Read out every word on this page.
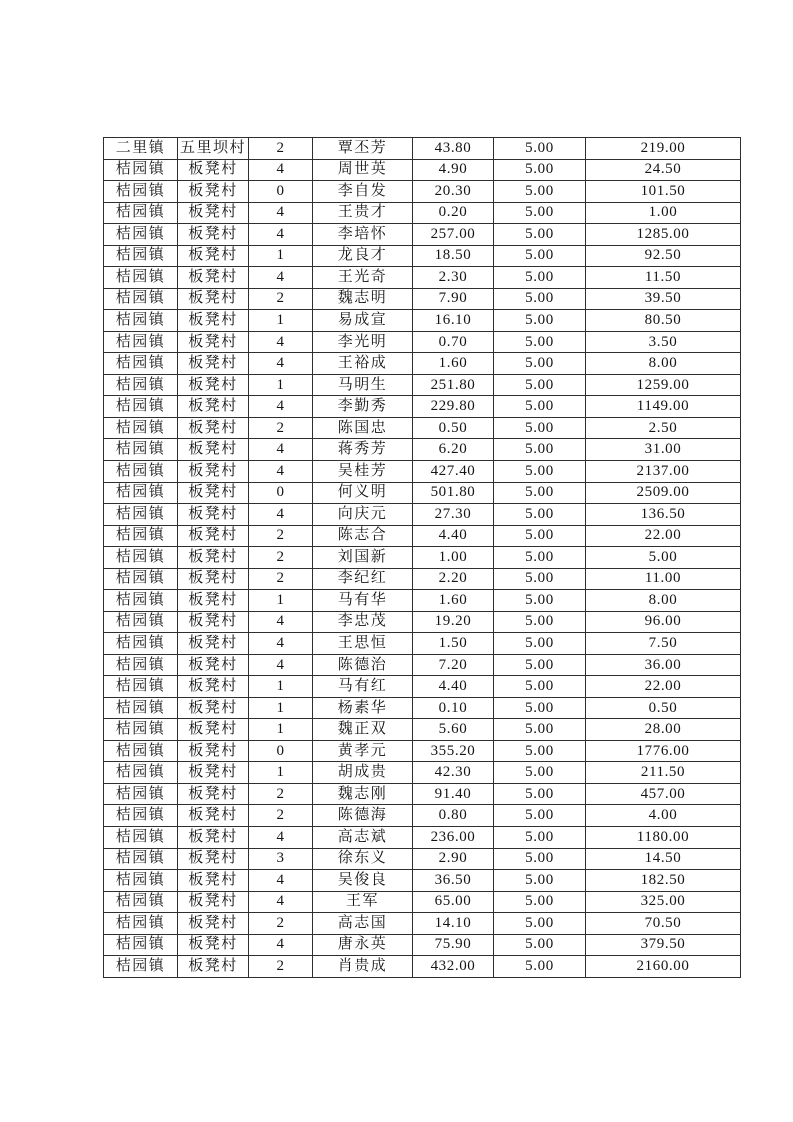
二里镇	五里坝村	2	覃丕芳	43.80	5.00	219.00
桔园镇	板凳村	4	周世英	4.90	5.00	24.50
桔园镇	板凳村	0	李自发	20.30	5.00	101.50
桔园镇	板凳村	4	王贵才	0.20	5.00	1.00
桔园镇	板凳村	4	李培怀	257.00	5.00	1285.00
桔园镇	板凳村	1	龙良才	18.50	5.00	92.50
桔园镇	板凳村	4	王光奇	2.30	5.00	11.50
桔园镇	板凳村	2	魏志明	7.90	5.00	39.50
桔园镇	板凳村	1	易成宣	16.10	5.00	80.50
桔园镇	板凳村	4	李光明	0.70	5.00	3.50
桔园镇	板凳村	4	王裕成	1.60	5.00	8.00
桔园镇	板凳村	1	马明生	251.80	5.00	1259.00
桔园镇	板凳村	4	李勤秀	229.80	5.00	1149.00
桔园镇	板凳村	2	陈国忠	0.50	5.00	2.50
桔园镇	板凳村	4	蒋秀芳	6.20	5.00	31.00
桔园镇	板凳村	4	吴桂芳	427.40	5.00	2137.00
桔园镇	板凳村	0	何义明	501.80	5.00	2509.00
桔园镇	板凳村	4	向庆元	27.30	5.00	136.50
桔园镇	板凳村	2	陈志合	4.40	5.00	22.00
桔园镇	板凳村	2	刘国新	1.00	5.00	5.00
桔园镇	板凳村	2	李纪红	2.20	5.00	11.00
桔园镇	板凳村	1	马有华	1.60	5.00	8.00
桔园镇	板凳村	4	李忠茂	19.20	5.00	96.00
桔园镇	板凳村	4	王思恒	1.50	5.00	7.50
桔园镇	板凳村	4	陈德治	7.20	5.00	36.00
桔园镇	板凳村	1	马有红	4.40	5.00	22.00
桔园镇	板凳村	1	杨素华	0.10	5.00	0.50
桔园镇	板凳村	1	魏正双	5.60	5.00	28.00
桔园镇	板凳村	0	黄孝元	355.20	5.00	1776.00
桔园镇	板凳村	1	胡成贵	42.30	5.00	211.50
桔园镇	板凳村	2	魏志刚	91.40	5.00	457.00
桔园镇	板凳村	2	陈德海	0.80	5.00	4.00
桔园镇	板凳村	4	高志斌	236.00	5.00	1180.00
桔园镇	板凳村	3	徐东义	2.90	5.00	14.50
桔园镇	板凳村	4	吴俊良	36.50	5.00	182.50
桔园镇	板凳村	4	王军	65.00	5.00	325.00
桔园镇	板凳村	2	高志国	14.10	5.00	70.50
桔园镇	板凳村	4	唐永英	75.90	5.00	379.50
桔园镇	板凳村	2	肖贵成	432.00	5.00	2160.00
